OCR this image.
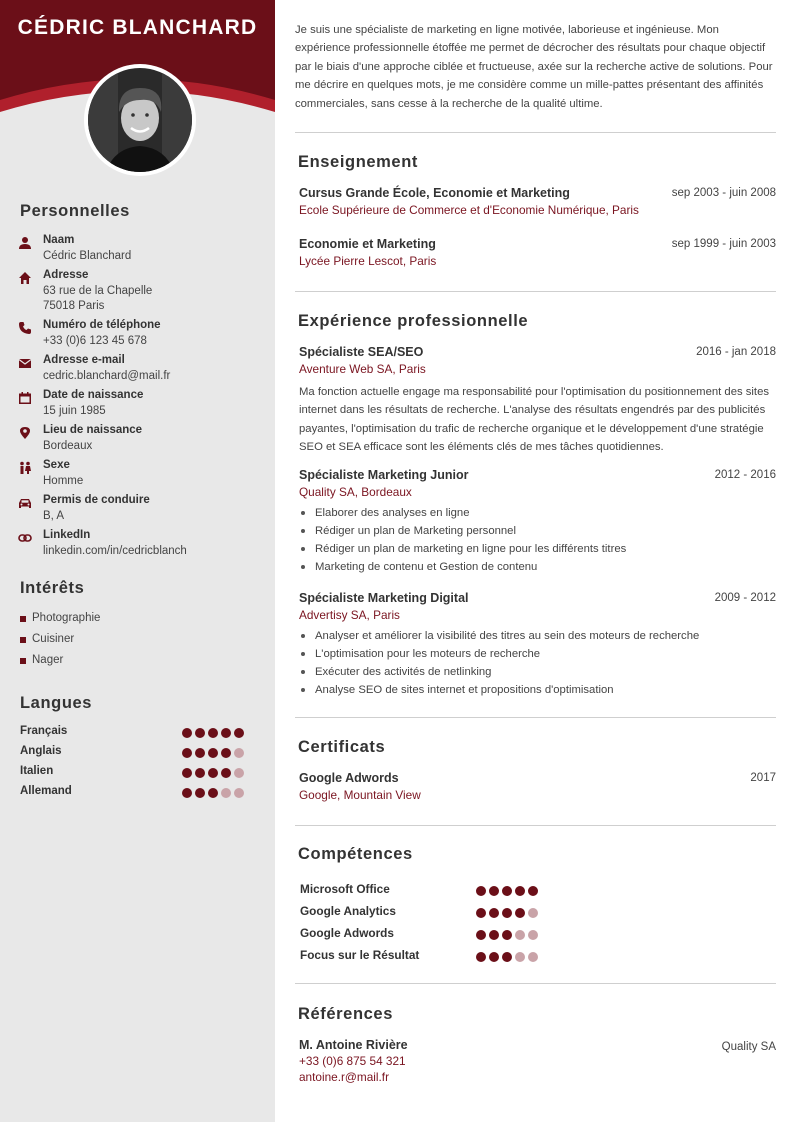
CÉDRIC BLANCHARD
Personnelles
Naam
Cédric Blanchard
Adresse
63 rue de la Chapelle
75018 Paris
Numéro de téléphone
+33 (0)6 123 45 678
Adresse e-mail
cedric.blanchard@mail.fr
Date de naissance
15 juin 1985
Lieu de naissance
Bordeaux
Sexe
Homme
Permis de conduire
B, A
LinkedIn
linkedin.com/in/cedricblanch
Intérêts
Photographie
Cuisiner
Nager
Langues
Français
Anglais
Italien
Allemand

Je suis une spécialiste de marketing en ligne motivée, laborieuse et ingénieuse. Mon expérience professionnelle étoffée me permet de décrocher des résultats pour chaque objectif par le biais d'une approche ciblée et fructueuse, axée sur la recherche active de solutions. Pour me décrire en quelques mots, je me considère comme un mille-pattes présentant des affinités commerciales, sans cesse à la recherche de la qualité ultime.

Enseignement
Cursus Grande École, Economie et Marketing
Ecole Supérieure de Commerce et d'Economie Numérique, Paris
sep 2003 - juin 2008
Economie et Marketing
Lycée Pierre Lescot, Paris
sep 1999 - juin 2003
Expérience professionnelle
Spécialiste SEA/SEO
Aventure Web SA, Paris
2016 - jan 2018
Ma fonction actuelle engage ma responsabilité pour l'optimisation du positionnement des sites internet dans les résultats de recherche. L'analyse des résultats engendrés par des publicités payantes, l'optimisation du trafic de recherche organique et le développement d'une stratégie SEO et SEA efficace sont les éléments clés de mes tâches quotidiennes.
Spécialiste Marketing Junior
Quality SA, Bordeaux
2012 - 2016
Elaborer des analyses en ligne
Rédiger un plan de Marketing personnel
Rédiger un plan de marketing en ligne pour les différents titres
Marketing de contenu et Gestion de contenu
Spécialiste Marketing Digital
Advertisy SA, Paris
2009 - 2012
Analyser et améliorer la visibilité des titres au sein des moteurs de recherche
L'optimisation pour les moteurs de recherche
Exécuter des activités de netlinking
Analyse SEO de sites internet et propositions d'optimisation
Certificats
Google Adwords
Google, Mountain View
2017
Compétences
Microsoft Office
Google Analytics
Google Adwords
Focus sur le Résultat
Références
M. Antoine Rivière
+33 (0)6 875 54 321
antoine.r@mail.fr
Quality SA
